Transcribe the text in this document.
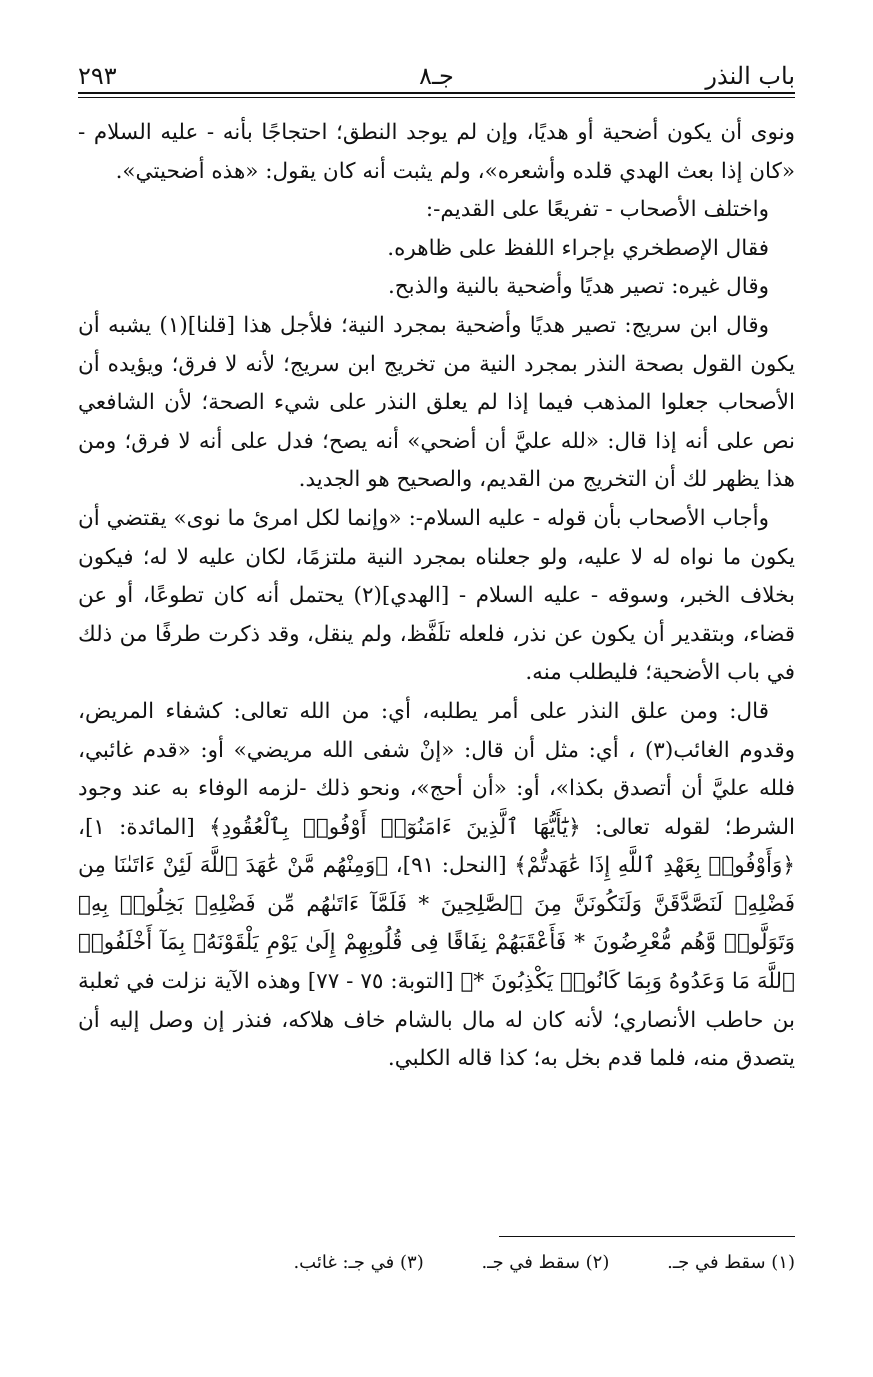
باب النذر
جـ٨
٢٩٣

ونوى أن يكون أضحية أو هديًا، وإن لم يوجد النطق؛ احتجاجًا بأنه - عليه السلام - «كان إذا بعث الهدي قلده وأشعره»، ولم يثبت أنه كان يقول: «هذه أضحيتي».

واختلف الأصحاب - تفريعًا على القديم-:

فقال الإصطخري بإجراء اللفظ على ظاهره.

وقال غيره: تصير هديًا وأضحية بالنية والذبح.

وقال ابن سريج: تصير هديًا وأضحية بمجرد النية؛ فلأجل هذا [قلنا](١) يشبه أن يكون القول بصحة النذر بمجرد النية من تخريج ابن سريج؛ لأنه لا فرق؛ ويؤيده أن الأصحاب جعلوا المذهب فيما إذا لم يعلق النذر على شيء الصحة؛ لأن الشافعي نص على أنه إذا قال: «لله عليَّ أن أضحي» أنه يصح؛ فدل على أنه لا فرق؛ ومن هذا يظهر لك أن التخريج من القديم، والصحيح هو الجديد.

وأجاب الأصحاب بأن قوله - عليه السلام-: «وإنما لكل امرئ ما نوى» يقتضي أن يكون ما نواه له لا عليه، ولو جعلناه بمجرد النية ملتزمًا، لكان عليه لا له؛ فيكون بخلاف الخبر، وسوقه - عليه السلام - [الهدي](٢) يحتمل أنه كان تطوعًا، أو عن قضاء، وبتقدير أن يكون عن نذر، فلعله تلَفَّظ، ولم ينقل، وقد ذكرت طرفًا من ذلك في باب الأضحية؛ فليطلب منه.

قال: ومن علق النذر على أمر يطلبه، أي: من الله تعالى: كشفاء المريض، وقدوم الغائب(٣) ، أي: مثل أن قال: «إنْ شفى الله مريضي» أو: «قدم غائبي، فلله عليَّ أن أتصدق بكذا»، أو: «أن أحج»، ونحو ذلك -لزمه الوفاء به عند وجود الشرط؛ لقوله تعالى: ﴿يَٰٓأَيُّهَا ٱلَّذِينَ ءَامَنُوٓا۟ أَوْفُوا۟ بِٱلْعُقُودِ﴾ [المائدة: ١]، ﴿وَأَوْفُوا۟ بِعَهْدِ ٱللَّهِ إِذَا عَٰهَدتُّمْ﴾ [النحل: ٩١]، ﴿وَمِنْهُم مَّنْ عَٰهَدَ ٱللَّهَ لَئِنْ ءَاتَىٰنَا مِن فَضْلِهِۦ لَنَصَّدَّقَنَّ وَلَنَكُونَنَّ مِنَ ٱلصَّٰلِحِينَ * فَلَمَّآ ءَاتَىٰهُم مِّن فَضْلِهِۦ بَخِلُوا۟ بِهِۦ وَتَوَلَّوا۟ وَّهُم مُّعْرِضُونَ * فَأَعْقَبَهُمْ نِفَاقًا فِى قُلُوبِهِمْ إِلَىٰ يَوْمِ يَلْقَوْنَهُۥ بِمَآ أَخْلَفُوا۟ ٱللَّهَ مَا وَعَدُوهُ وَبِمَا كَانُوا۟ يَكْذِبُونَ *﴾ [التوبة: ٧٥ - ٧٧] وهذه الآية نزلت في ثعلبة بن حاطب الأنصاري؛ لأنه كان له مال بالشام خاف هلاكه، فنذر إن وصل إليه أن يتصدق منه، فلما قدم بخل به؛ كذا قاله الكلبي.

(١) سقط في جـ. (٢) سقط في جـ. (٣) في جـ: غائب.
